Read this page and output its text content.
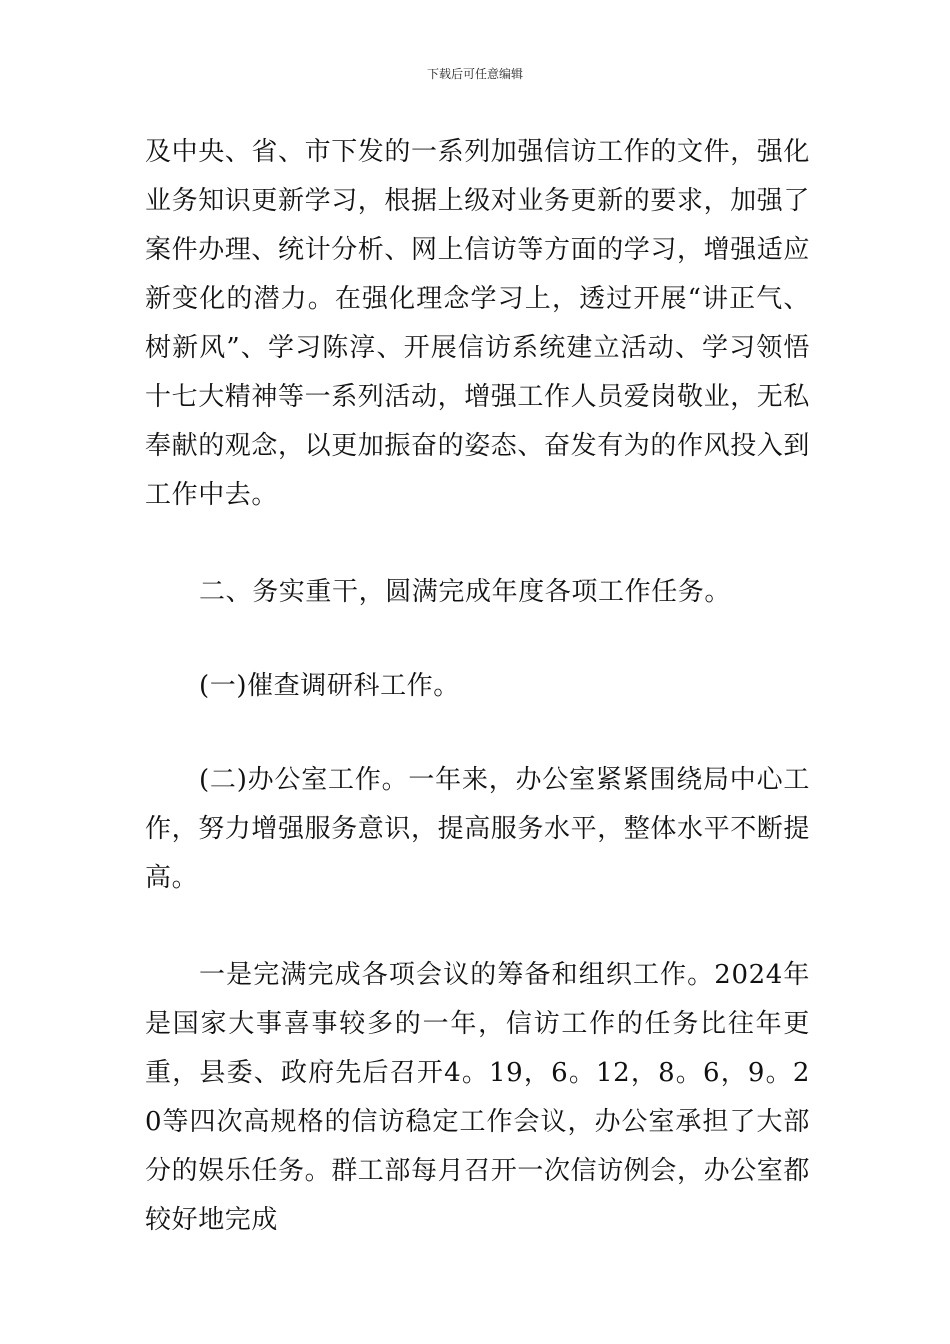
下载后可任意编辑

及中央、省、市下发的一系列加强信访工作的文件，强化业务知识更新学习，根据上级对业务更新的要求，加强了案件办理、统计分析、网上信访等方面的学习，增强适应新变化的潜力。在强化理念学习上，透过开展“讲正气、树新风”、学习陈淳、开展信访系统建立活动、学习领悟十七大精神等一系列活动，增强工作人员爱岗敬业，无私奉献的观念，以更加振奋的姿态、奋发有为的作风投入到工作中去。

二、务实重干，圆满完成年度各项工作任务。

(一)催查调研科工作。

(二)办公室工作。一年来，办公室紧紧围绕局中心工作，努力增强服务意识，提高服务水平，整体水平不断提高。

一是完满完成各项会议的筹备和组织工作。2024年是国家大事喜事较多的一年，信访工作的任务比往年更重，县委、政府先后召开4。19，6。12，8。6，9。20等四次高规格的信访稳定工作会议，办公室承担了大部分的娱乐任务。群工部每月召开一次信访例会，办公室都较好地完成
